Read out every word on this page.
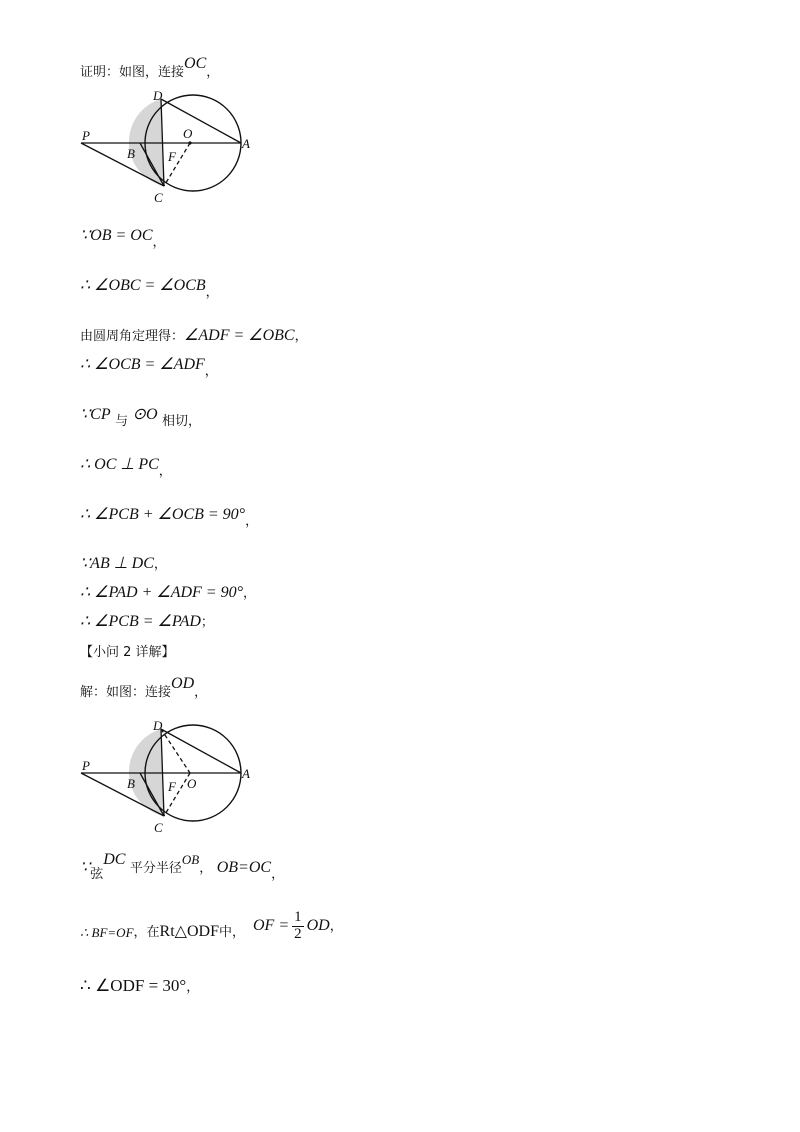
证明：如图，连接OC，
P
D
O
A
B	F
C
∵OB = OC，
∴ ∠OBC = ∠OCB，
由圆周角定理得：∠ADF = ∠OBC，
∴ ∠OCB = ∠ADF，
∵CP 与 ⊙O 相切，
∴ OC ⊥ PC，
∴ ∠PCB + ∠OCB = 90°，
∵AB ⊥ DC，
∴ ∠PAD + ∠ADF = 90°，
∴ ∠PCB = ∠PAD；
【小问 2 详解】
解：如图：连接OD，
P
D
O
A
B	F
C
∵弦DC 平分半径OB， OB=OC，
∴ BF=OF ，在 Rt△ODF 中， OF = $\frac{1}{2}$ OD ，
∴ ∠ODF = 30°，
